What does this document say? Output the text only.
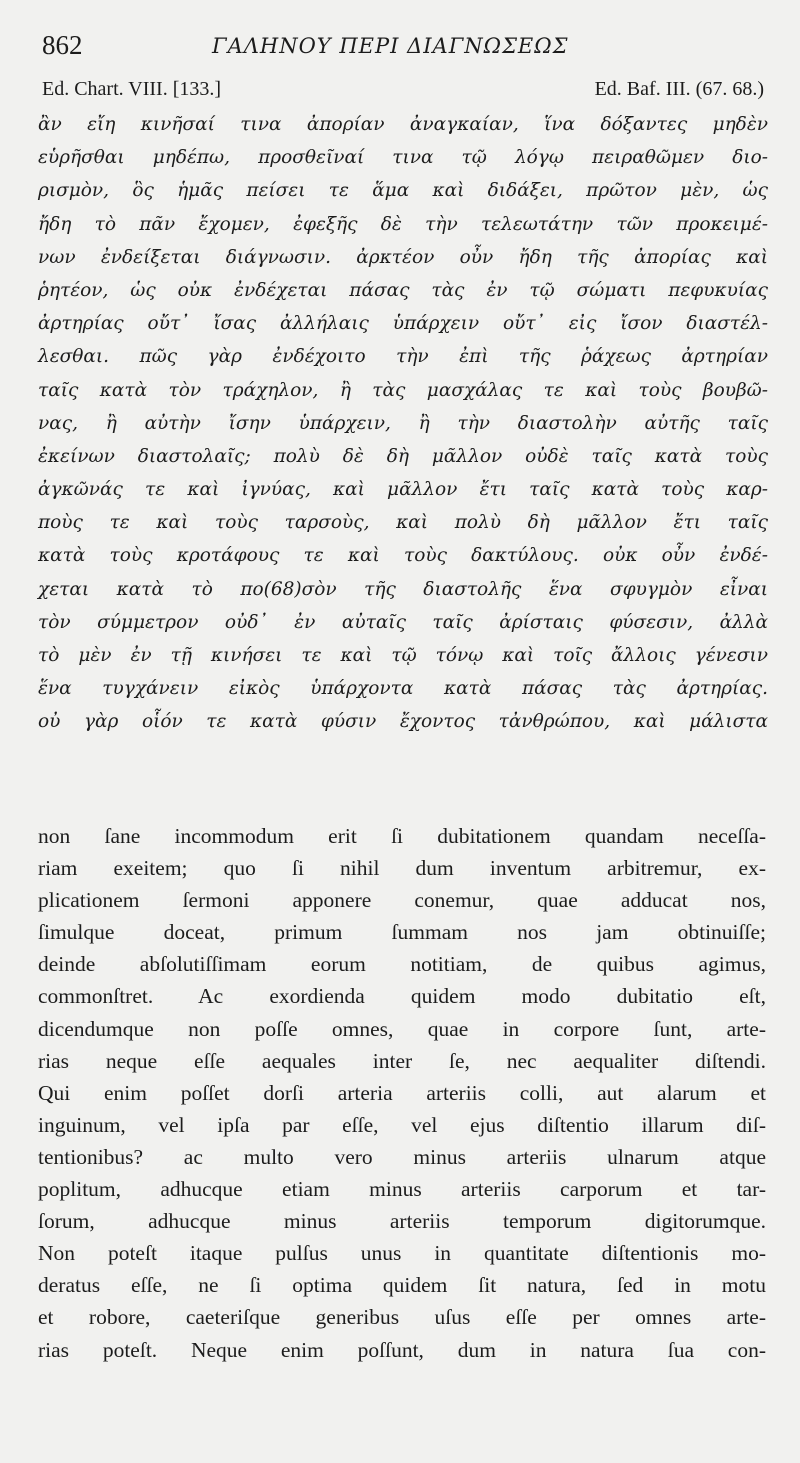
862	ΓΑΛΗΝΟΥ ΠΕΡΙ ΔΙΑΓΝΩΣΕΩΣ
Ed. Chart. VIII. [133.]	Ed. Baf. III. (67. 68.)
ἂν εἴη κινῆσαί τινα ἀπορίαν ἀναγκαίαν, ἵνα δόξαντες μηδὲν
εὑρῆσθαι μηδέπω, προσθεῖναί τινα τῷ λόγῳ πειραθῶμεν διο-
ρισμὸν, ὃς ἡμᾶς πείσει τε ἅμα καὶ διδάξει, πρῶτον μὲν, ὡς
ἤδη τὸ πᾶν ἔχομεν, ἐφεξῆς δὲ τὴν τελεωτάτην τῶν προκειμέ-
νων ἐνδείξεται διάγνωσιν. ἀρκτέον οὖν ἤδη τῆς ἀπορίας καὶ
ῥητέον, ὡς οὐκ ἐνδέχεται πάσας τὰς ἐν τῷ σώματι πεφυκυίας
ἀρτηρίας οὔτ᾽ ἴσας ἀλλήλαις ὑπάρχειν οὔτ᾽ εἰς ἴσον διαστέλ-
λεσθαι. πῶς γὰρ ἐνδέχοιτο τὴν ἐπὶ τῆς ῥάχεως ἀρτηρίαν
ταῖς κατὰ τὸν τράχηλον, ἢ τὰς μασχάλας τε καὶ τοὺς βουβῶ-
νας, ἢ αὐτὴν ἴσην ὑπάρχειν, ἢ τὴν διαστολὴν αὐτῆς ταῖς
ἐκείνων διαστολαῖς; πολὺ δὲ δὴ μᾶλλον οὐδὲ ταῖς κατὰ τοὺς
ἀγκῶνάς τε καὶ ἰγνύας, καὶ μᾶλλον ἔτι ταῖς κατὰ τοὺς καρ-
ποὺς τε καὶ τοὺς ταρσοὺς, καὶ πολὺ δὴ μᾶλλον ἔτι ταῖς
κατὰ τοὺς κροτάφους τε καὶ τοὺς δακτύλους. οὐκ οὖν ἐνδέ-
χεται κατὰ τὸ πο(68)σὸν τῆς διαστολῆς ἕνα σφυγμὸν εἶναι
τὸν σύμμετρον οὐδ᾽ ἐν αὐταῖς ταῖς ἀρίσταις φύσεσιν, ἀλλὰ
τὸ μὲν ἐν τῇ κινήσει τε καὶ τῷ τόνῳ καὶ τοῖς ἄλλοις γένεσιν
ἕνα τυγχάνειν εἰκὸς ὑπάρχοντα κατὰ πάσας τὰς ἀρτηρίας.
οὐ γὰρ οἷόν τε κατὰ φύσιν ἔχοντος τἀνθρώπου, καὶ μάλιστα
non ſane incommodum erit ſi dubitationem quandam neceſſa-
riam exeitem; quo ſi nihil dum inventum arbitremur, ex-
plicationem ſermoni apponere conemur, quae adducat nos,
ſimulque doceat, primum ſummam nos jam obtinuiſſe;
deinde abſolutiſſimam eorum notitiam, de quibus agimus,
commonſtret. Ac exordienda quidem modo dubitatio eſt,
dicendumque non poſſe omnes, quae in corpore ſunt, arte-
rias neque eſſe aequales inter ſe, nec aequaliter diſtendi.
Qui enim poſſet dorſi arteria arteriis colli, aut alarum et
inguinum, vel ipſa par eſſe, vel ejus diſtentio illarum diſ-
tentionibus? ac multo vero minus arteriis ulnarum atque
poplitum, adhucque etiam minus arteriis carporum et tar-
ſorum, adhucque minus arteriis temporum digitorumque.
Non poteſt itaque pulſus unus in quantitate diſtentionis mo-
deratus eſſe, ne ſi optima quidem ſit natura, ſed in motu
et robore, caeteriſque generibus uſus eſſe per omnes arte-
rias poteſt. Neque enim poſſunt, dum in natura ſua con-
